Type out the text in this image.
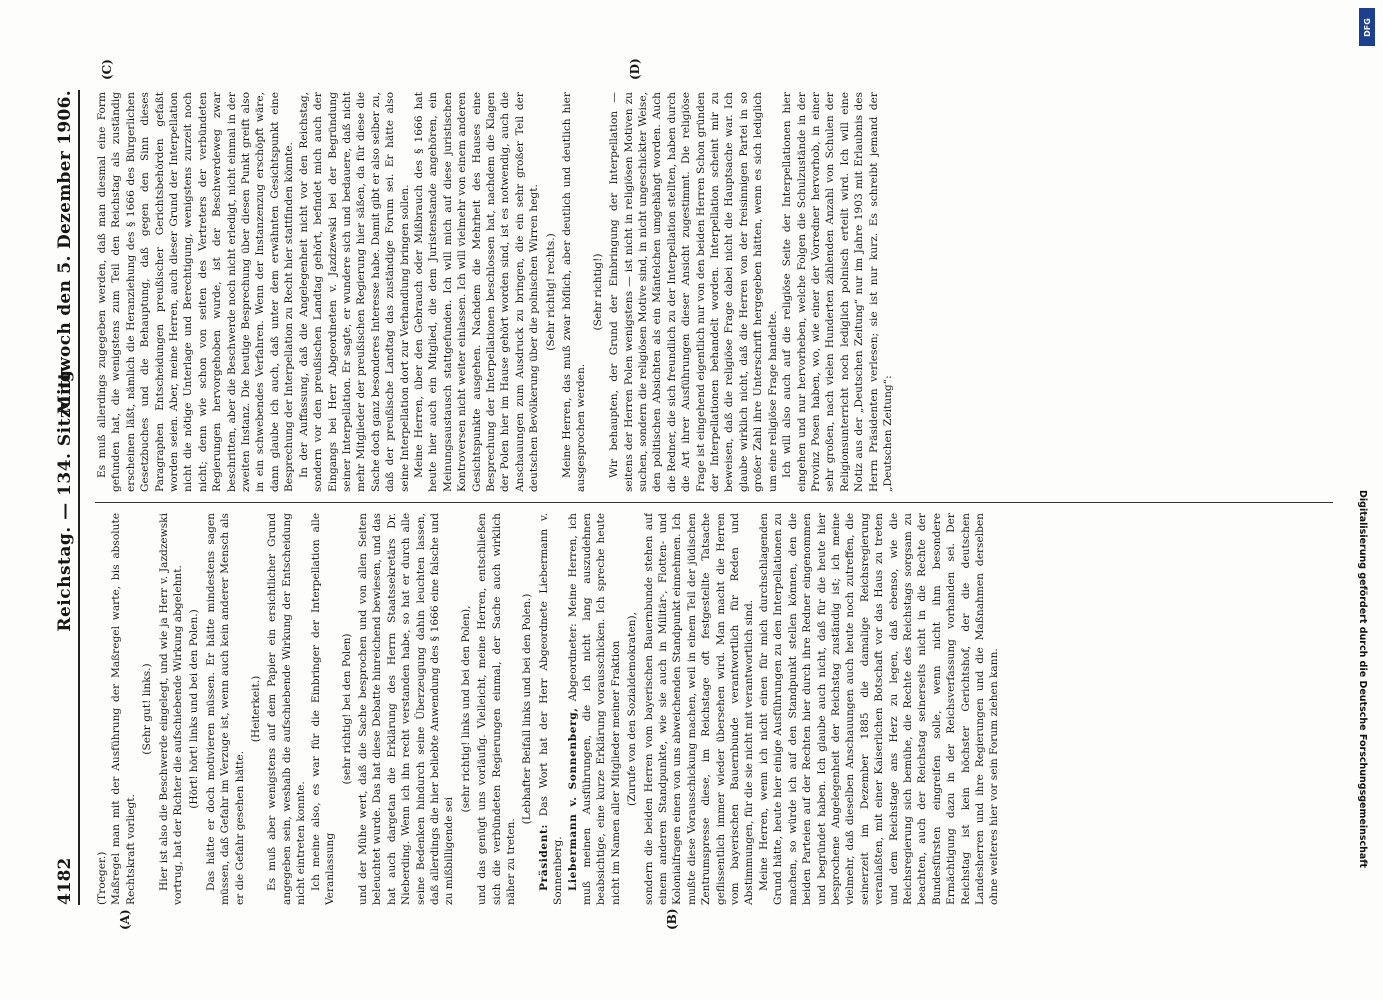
4182
Reichstag. — 134. Sitzung.
Mittwoch den 5. Dezember 1906.
(A)	(B)
(C)	(D)

(Troeger.) Maßregel man mit der Ausführung der Maßregel warte, bis absolute Rechtskraft vorliegt.

(Sehr gut! links.) Hier ist also die Beschwerde eingelegt, und wie ja Herr v. Jazdzewski vortrug, hat der Richter die aufschiebende Wirkung abgelehnt. (Hört! hört! links und bei den Polen.) Das hätte er doch motivieren müssen. Er hätte mindestens sagen müssen, daß Gefahr im Verzuge ist, wenn auch kein anderer Mensch als er die Gefahr gesehen hätte.

(Heiterkeit.) Es muß aber wenigstens auf dem Papier ein ersichtlicher Grund angegeben sein, weshalb die aufschiebende Wirkung der Entscheidung nicht eintreten konnte. Ich meine also, es war für die Einbringer der Interpellation alle Veranlassung

(sehr richtig! bei den Polen) und der Mühe wert, daß die Sache besprochen und von allen Seiten beleuchtet wurde. Das hat diese Debatte hinreichend bewiesen, und das hat auch dargetan die Erklärung des Herrn Staatssekretärs Dr. Nieberding. Wenn ich ihn recht verstanden habe, so hat er durch alle seine Bedenken hindurch seine Überzeugung dahin leuchten lassen, daß allerdings die hier beliebte Anwendung des § 1666 eine falsche und zu mißbilligende sei

(sehr richtig! links und bei den Polen), und das genügt uns vorläufig. Vielleicht, meine Herren, entschließen sich die verbündeten Regierungen einmal, der Sache auch wirklich näher zu treten.

(Lebhafter Beifall links und bei den Polen.)

Präsident: Das Wort hat der Herr Abgeordnete Liebermann v. Sonnenberg. Liebermann v. Sonnenberg, Abgeordneter: Meine Herren, ich muß meinen Ausführungen, die ich nicht lang auszudehnen beabsichtige, eine kurze Erklärung vorausschicken. Ich spreche heute nicht im Namen aller Mitglieder meiner Fraktion (Zurufe von den Sozialdemokraten), sondern die beiden Herren vom bayerischen Bauernbunde stehen auf einem anderen Standpunkte, wie sie auch in Militär-, Flotten- und Kolonialfragen einen von uns abweichenden Standpunkt einnehmen. Ich mußte diese Vorausschickung machen, weil in einem Teil der jüdischen Zentrumspresse diese, im Reichstage oft festgestellte Tatsache geflissentlich immer wieder übersehen wird. Man macht die Herren vom bayerischen Bauernbunde verantwortlich für Reden und Abstimmungen, für die sie nicht mit verantwortlich sind. Meine Herren, wenn ich nicht einen für mich durchschlagenden Grund hätte, heute hier einige Ausführungen zu den Interpellationen zu machen, so würde ich auf den Standpunkt stellen können, den die beiden Parteien auf der Rechten hier durch ihre Redner eingenommen und begründet haben. Ich glaube auch nicht, daß für die heute hier besprochene Angelegenheit der Reichstag zuständig ist; ich meine vielmehr, daß dieselben Anschauungen auch heute noch zutreffen, die seinerzeit im Dezember 1885 die damalige Reichsregierung veranlaßten, mit einer Kaiserlichen Botschaft vor das Haus zu treten und dem Reichstage ans Herz zu legen, daß ebenso, wie die Reichsregierung sich bemühe, die Rechte des Reichstags sorgsam zu beachten, auch der Reichstag seinerseits nicht in die Rechte der Bundesfürsten eingreifen solle, wenn nicht ihm besondere Ermächtigung dazu in der Reichsverfassung vorhanden sei. Der Reichstag ist kein höchster Gerichtshof, der die deutschen Landesherren und ihre Regierungen und die Maßnahmen derselben ohne weiteres hier vor sein Forum ziehen kann.

Es muß allerdings zugegeben werden, daß man diesmal eine Form gefunden hat, die wenigstens zum Teil den Reichstag als zuständig erscheinen läßt, nämlich die Heranziehung des § 1666 des Bürgerlichen Gesetzbuches und die Behauptung, daß gegen den Sinn dieses Paragraphen Entscheidungen preußischer Gerichtsbehörden gefaßt worden seien. Aber, meine Herren, auch dieser Grund der Interpellation nicht die nötige Unterlage und Berechtigung, wenigstens zurzeit noch nicht; denn wie schon von seiten des Vertreters der verbündeten Regierungen hervorgehoben wurde, ist der Beschwerdeweg zwar beschritten, aber die Beschwerde noch nicht erledigt, nicht einmal in der zweiten Instanz. Die heutige Besprechung über diesen Punkt greift also in ein schwebendes Verfahren. Wenn der Instanzenzug erschöpft wäre, dann glaube ich auch, daß unter dem erwähnten Gesichtspunkt eine Besprechung der Interpellation zu Recht hier stattfinden könnte. In der Auffassung, daß die Angelegenheit nicht vor den Reichstag, sondern vor den preußischen Landtag gehört, befindet mich auch der Eingangs bei Herr Abgeordneten v. Jazdzewski bei der Begründung seiner Interpellation. Er sagte, er wundere sich und bedauere, daß nicht mehr Mitglieder der preußischen Regierung hier säßen, da für diese die Sache doch ganz besonderes Interesse habe. Damit gibt er also selber zu, daß der preußische Landtag das zuständige Forum sei. Er hätte also seine Interpellation dort zur Verhandlung bringen sollen. Meine Herren, über den Gebrauch oder Mißbrauch des § 1666 hat heute hier auch ein Mitglied, die dem Juristenstande angehören, ein Meinungsaustausch stattgefunden. Ich will mich auf diese juristischen Kontroversen nicht weiter einlassen. Ich will vielmehr von einem anderen Gesichtspunkte ausgehen. Nachdem die Mehrheit des Hauses eine Besprechung der Interpellationen beschlossen hat, nachdem die Klagen der Polen hier im Hause gehört worden sind, ist es notwendig, auch die Anschauungen zum Ausdruck zu bringen, die ein sehr großer Teil der deutschen Bevölkerung über die polnischen Wirren hegt. (Sehr richtig! rechts.) Meine Herren, das muß zwar höflich, aber deutlich und deutlich hier ausgesprochen werden.

(Sehr richtig!) Wir behaupten, der Grund der Einbringung der Interpellation — seitens der Herren Polen wenigstens — ist nicht in religiösen Motiven zu suchen, sondern die religiösen Motive sind, in nicht ungeschickter Weise, den politischen Absichten als ein Mäntelchen umgehängt worden. Auch die Redner, die sich freundlich zu der Interpellation stellten, haben durch die Art ihrer Ausführungen dieser Ansicht zugestimmt. Die religiöse Frage ist eingehend eigentlich nur von den beiden Herren Schon gründen der Interpellationen behandelt worden. Interpellation scheint mir zu beweisen, daß die religiöse Frage dabei nicht die Hauptsache war. Ich glaube wirklich nicht, daß die Herren von der freisinnigen Partei in so großer Zahl ihre Unterschrift hergegeben hätten, wenn es sich lediglich um eine religiöse Frage handelte. Ich will also auch auf die religiöse Seite der Interpellationen hier eingehen und nur hervorheben, welche Folgen die Schulzustände in der Provinz Posen haben, wo, wie einer der Vorredner hervorhob, in einer sehr großen, nach vielen Hunderten zählenden Anzahl von Schulen der Religionsunterricht noch lediglich polnisch erteilt wird. Ich will eine Notiz aus der „Deutschen Zeitung“ nur im Jahre 1903 mit Erlaubnis des Herrn Präsidenten verlesen; sie ist nur kurz. Es schreibt jemand der „Deutschen Zeitung“:

DFG
Digitalisierung gefördert durch die Deutsche Forschungsgemeinschaft
